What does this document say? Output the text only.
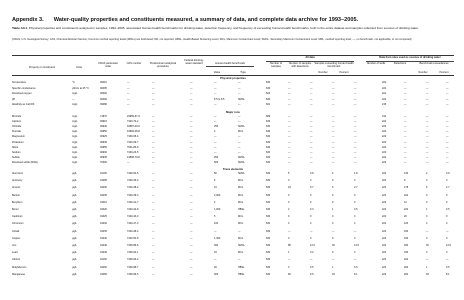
Appendix 3. Water-quality properties and constituents measured, a summary of data, and complete data archive for 1993–2005.
Table A3.1. Physical properties and constituents analyzed in samples, 1993–2005, associated human-health benchmarks for drinking water, detection frequency, and frequency of exceeding human-health benchmarks, both in the entire dataset and samples collected from sources of drinking water.
[USGS, U.S. Geological Survey; CAS, Chemical Abstract Service; Common method reporting levels (MRLs) are bold-faced; NR, not reported; HBSL, Health-Based Screening Level; MCL, Maximum Contaminant Level; SMCL, Secondary Maximum Contaminant Level; MRL, method reporting level; —, no benchmark, not applicable, or not computed]
All data	Data from sites used as sources of drinking water
Human-health benchmark
Property or constituent	Units
USGS parameter code
CAS number	Predominant analytical procedure
Federal drinking-water standard	Number of samples
Number of samples with detections
Samples exceeding human-health benchmark
Number of wells	Detections	Benchmark exceedances
Value	Type	Number	Percent	Number	Percent
Physical properties
Temperature	°C	00010	—	—	—	—	—	630	—	—	—	—	222	—	—	—
Specific conductance	μS/cm at 25 °C	00095	—	—	—	—	—	630	—	—	—	—	222	—	—	—
Dissolved oxygen	mg/L	00300	—	—	—	—	—	624	—	—	—	—	221	—	—	—
pH	—	00400	—	—	—	6.5 to 8.5	SMCL	630	—	—	—	—	222	—	—	—
Alkalinity as CaCO3	mg/L	39086	—	—	—	—	—	601	—	—	—	—	215	—	—	—
Major ions
Bromide	mg/L	71870	24959-67-9	—	—	—	—	586	—	—	—	—	212	—	—	—
Calcium	mg/L	00915	7440-70-2	—	—	—	—	630	—	—	—	—	222	—	—	—
Chloride	mg/L	00940	16887-00-6	—	—	250	SMCL	630	—	—	—	—	222	—	—	—
Fluoride	mg/L	00950	16984-48-8	—	—	4	MCL	630	—	—	—	—	222	—	—	—
Magnesium	mg/L	00925	7439-95-4	—	—	—	—	630	—	—	—	—	222	—	—	—
Potassium	mg/L	00935	7440-09-7	—	—	—	—	630	—	—	—	—	222	—	—	—
Silica	mg/L	00955	7631-86-9	—	—	—	—	630	—	—	—	—	222	—	—	—
Sodium	mg/L	00930	7440-23-5	—	—	—	—	630	—	—	—	—	222	—	—	—
Sulfate	mg/L	00945	14808-79-8	—	—	250	SMCL	630	—	—	—	—	222	—	—	—
Dissolved solids (ROE)	mg/L	70300	—	—	—	500	SMCL	630	—	—	—	—	222	—	—	—
Trace elements
Aluminum	μg/L	01106	7429-90-5	—	—	50	SMCL	630	5	0.8	4	1.8	222	130	2	0.9
Antimony	μg/L	01095	7440-36-0	—	—	6	MCL	630	0	0	0	0	222	9	0	0
Arsenic	μg/L	01000	7440-38-2	—	—	10	MCL	630	23	3.7	6	2.7	222	178	6	2.7
Barium	μg/L	01005	7440-39-3	—	—	2,000	MCL	630	0	0	0	0	222	222	0	0
Beryllium	μg/L	01010	7440-41-7	—	—	4	MCL	630	0	0	0	0	222	12	0	0
Boron	μg/L	01020	7440-42-8	—	—	1,000	HBSL	630	2	0.3	1	0.5	222	222	1	0.5
Cadmium	μg/L	01025	7440-43-9	—	—	5	MCL	630	0	0	0	0	222	20	0	0
Chromium	μg/L	01030	7440-47-3	—	—	100	MCL	630	0	0	0	0	222	120	0	0
Cobalt	μg/L	01035	7440-48-4	—	—	—	—	630	—	—	—	—	222	160	—	—
Copper	μg/L	01040	7440-50-8	—	—	1,300	MCL	630	0	0	0	0	222	190	0	0
Iron	μg/L	01046	7439-89-6	—	—	300	SMCL	630	88	14.0	30	13.5	222	180	30	13.5
Lead	μg/L	01049	7439-92-1	—	—	15	MCL	630	1	0.2	0	0	222	150	0	0
Lithium	μg/L	01130	7439-93-2	—	—	—	—	630	—	—	—	—	222	222	—	—
Molybdenum	μg/L	01060	7439-98-7	—	—	40	HBSL	630	3	0.5	1	0.5	222	200	1	0.5
Manganese	μg/L	01056	7439-96-5	—	—	300	HBSL	630	60	9.5	18	8.1	222	200	18	8.1
